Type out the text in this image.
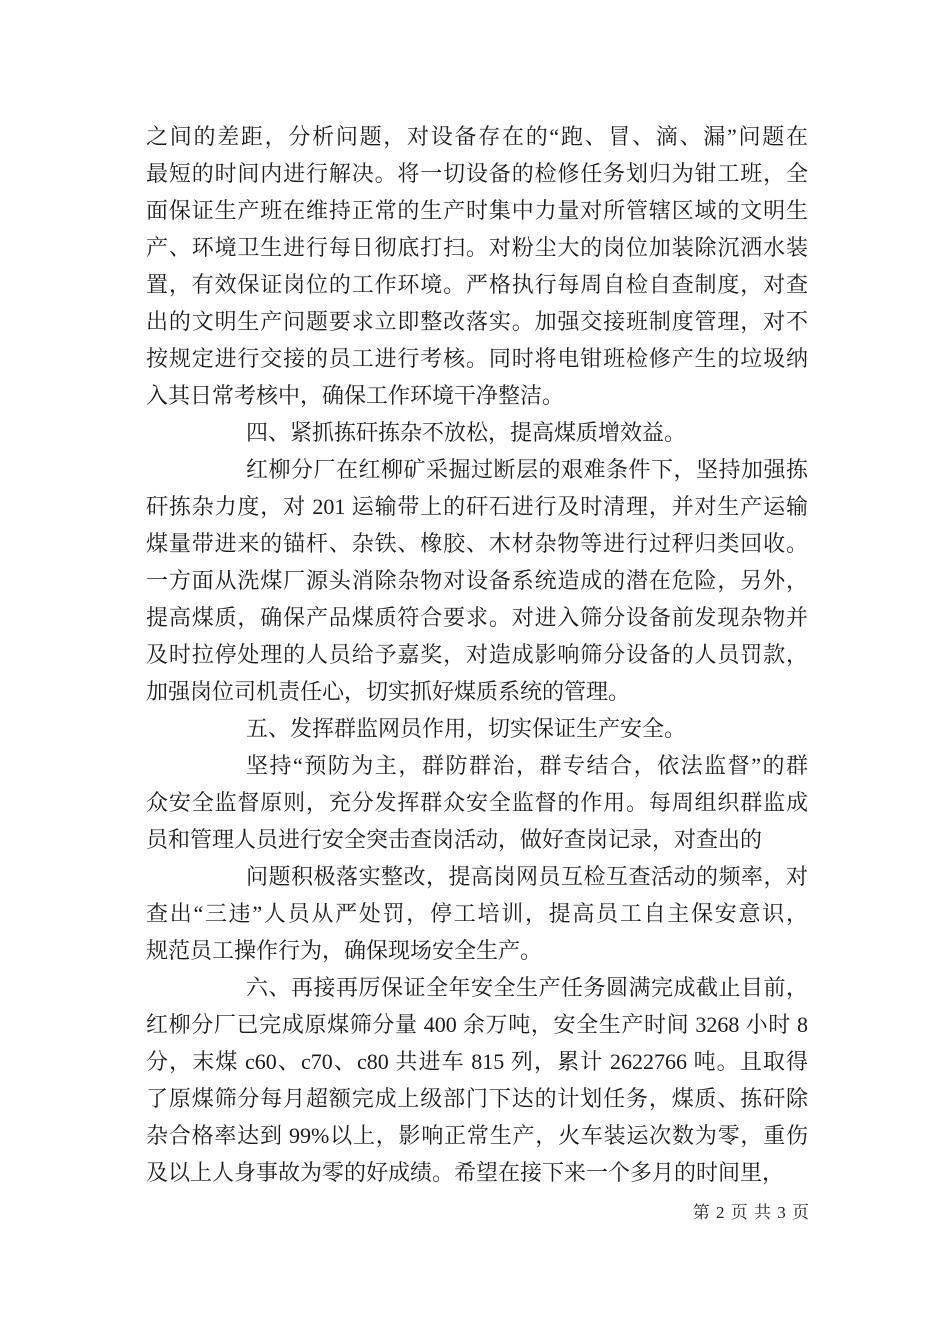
之间的差距，分析问题，对设备存在的“跑、冒、滴、漏”问题在
最短的时间内进行解决。将一切设备的检修任务划归为钳工班，全
面保证生产班在维持正常的生产时集中力量对所管辖区域的文明生
产、环境卫生进行每日彻底打扫。对粉尘大的岗位加装除沉洒水装
置，有效保证岗位的工作环境。严格执行每周自检自查制度，对查
出的文明生产问题要求立即整改落实。加强交接班制度管理，对不
按规定进行交接的员工进行考核。同时将电钳班检修产生的垃圾纳
入其日常考核中，确保工作环境干净整洁。
四、紧抓拣矸拣杂不放松，提高煤质增效益。
红柳分厂在红柳矿采掘过断层的艰难条件下，坚持加强拣
矸拣杂力度，对 201 运输带上的矸石进行及时清理，并对生产运输
煤量带进来的锚杆、杂铁、橡胶、木材杂物等进行过秤归类回收。
一方面从洗煤厂源头消除杂物对设备系统造成的潜在危险，另外，
提高煤质，确保产品煤质符合要求。对进入筛分设备前发现杂物并
及时拉停处理的人员给予嘉奖，对造成影响筛分设备的人员罚款，
加强岗位司机责任心，切实抓好煤质系统的管理。
五、发挥群监网员作用，切实保证生产安全。
坚持“预防为主，群防群治，群专结合，依法监督”的群
众安全监督原则，充分发挥群众安全监督的作用。每周组织群监成
员和管理人员进行安全突击查岗活动，做好查岗记录，对查出的
问题积极落实整改，提高岗网员互检互查活动的频率，对
查出“三违”人员从严处罚，停工培训，提高员工自主保安意识，
规范员工操作行为，确保现场安全生产。
六、再接再厉保证全年安全生产任务圆满完成截止目前，
红柳分厂已完成原煤筛分量 400 余万吨，安全生产时间 3268 小时 8
分，末煤 c60、c70、c80 共进车 815 列，累计 2622766 吨。且取得
了原煤筛分每月超额完成上级部门下达的计划任务，煤质、拣矸除
杂合格率达到 99%以上，影响正常生产，火车装运次数为零，重伤
及以上人身事故为零的好成绩。希望在接下来一个多月的时间里，
第 2 页 共 3 页
